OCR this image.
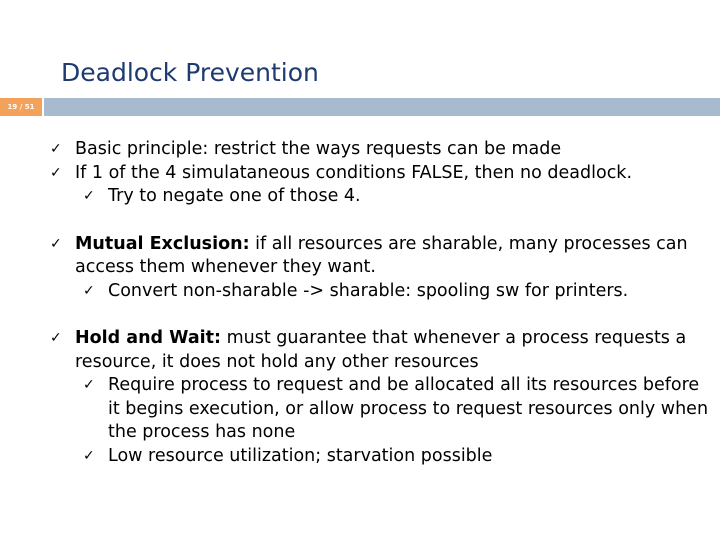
Deadlock Prevention
19 / 51
✓ Basic principle: restrict the ways requests can be made
✓ If 1 of the 4 simulataneous conditions FALSE, then no deadlock.
✓ Try to negate one of those 4.
✓ Mutual Exclusion: if all resources are sharable, many processes can access them whenever they want.
✓ Convert non-sharable -> sharable: spooling sw for printers.
✓ Hold and Wait: must guarantee that whenever a process requests a resource, it does not hold any other resources
✓ Require process to request and be allocated all its resources before it begins execution, or allow process to request resources only when the process has none
✓ Low resource utilization; starvation possible
